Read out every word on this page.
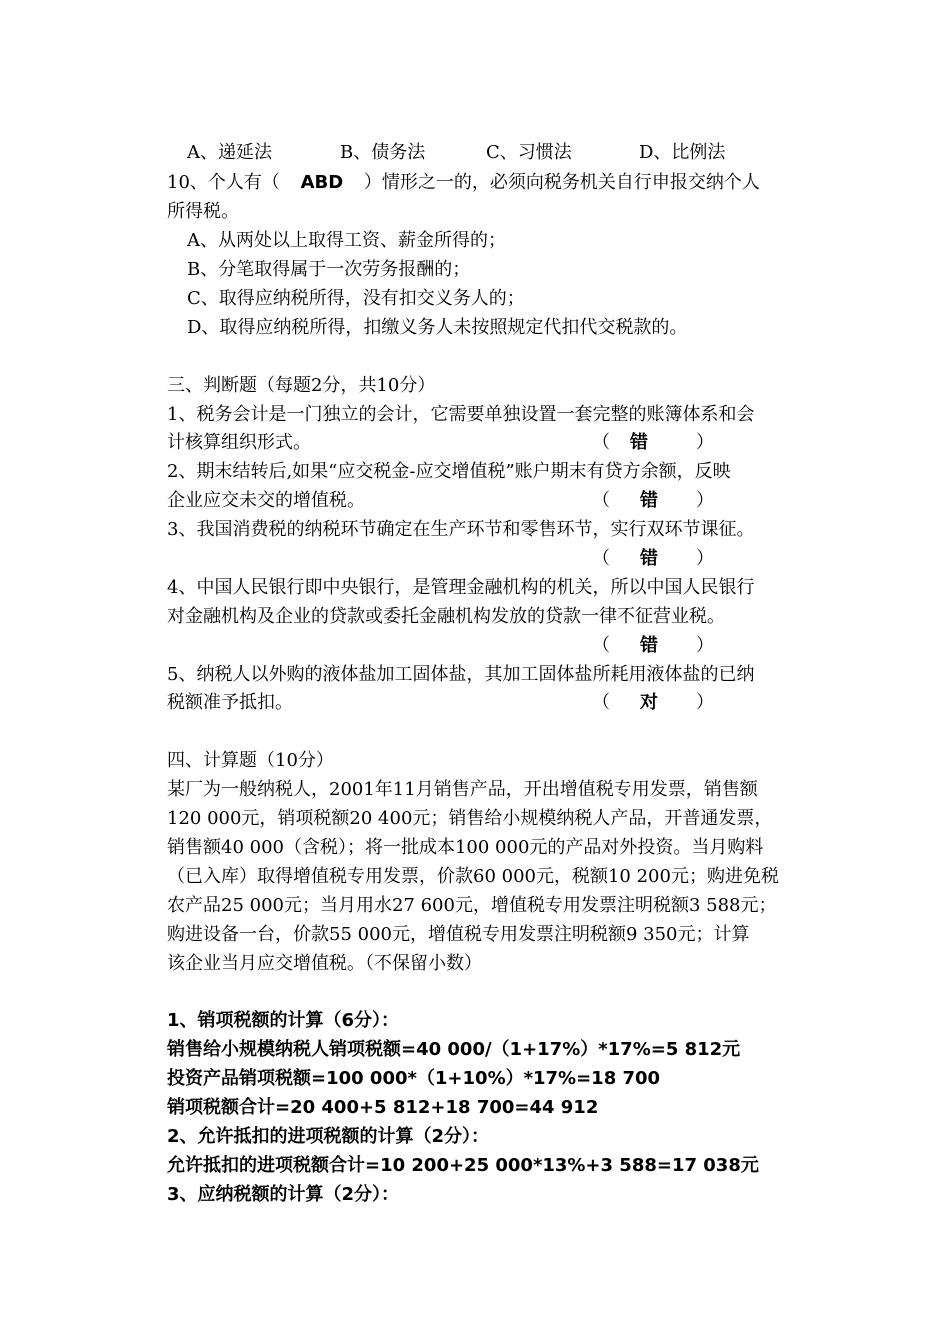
A、递延法	B、债务法	C、习惯法	D、比例法
10、个人有（ ABD ）情形之一的，必须向税务机关自行申报交纳个人
所得税。
A、从两处以上取得工资、薪金所得的；
B、分笔取得属于一次劳务报酬的；
C、取得应纳税所得，没有扣交义务人的；
D、取得应纳税所得，扣缴义务人未按照规定代扣代交税款的。
三、判断题（每题2分，共10分）
1、税务会计是一门独立的会计，它需要单独设置一套完整的账簿体系和会
计核算组织形式。	（ 错	）
2、期末结转后,如果“应交税金-应交增值税”账户期末有贷方余额，反映
企业应交未交的增值税。	（ 错 ）
3、我国消费税的纳税环节确定在生产环节和零售环节，实行双环节课征。
（ 错 ）
4、中国人民银行即中央银行，是管理金融机构的机关，所以中国人民银行
对金融机构及企业的贷款或委托金融机构发放的贷款一律不征营业税。
（ 错 ）
5、纳税人以外购的液体盐加工固体盐，其加工固体盐所耗用液体盐的已纳
税额准予抵扣。	（ 对 ）
四、计算题（10分）
某厂为一般纳税人，2001年11月销售产品，开出增值税专用发票，销售额
120 000元，销项税额20 400元；销售给小规模纳税人产品，开普通发票，
销售额40 000（含税）；将一批成本100 000元的产品对外投资。当月购料
（已入库）取得增值税专用发票，价款60 000元，税额10 200元；购进免税
农产品25 000元；当月用水27 600元，增值税专用发票注明税额3 588元；
购进设备一台，价款55 000元，增值税专用发票注明税额9 350元；计算
该企业当月应交增值税。（不保留小数）
1、销项税额的计算（6分）：
销售给小规模纳税人销项税额=40 000/（1+17%）*17%=5 812元
投资产品销项税额=100 000*（1+10%）*17%=18 700
销项税额合计=20 400+5 812+18 700=44 912
2、允许抵扣的进项税额的计算（2分）：
允许抵扣的进项税额合计=10 200+25 000*13%+3 588=17 038元
3、应纳税额的计算（2分）：
